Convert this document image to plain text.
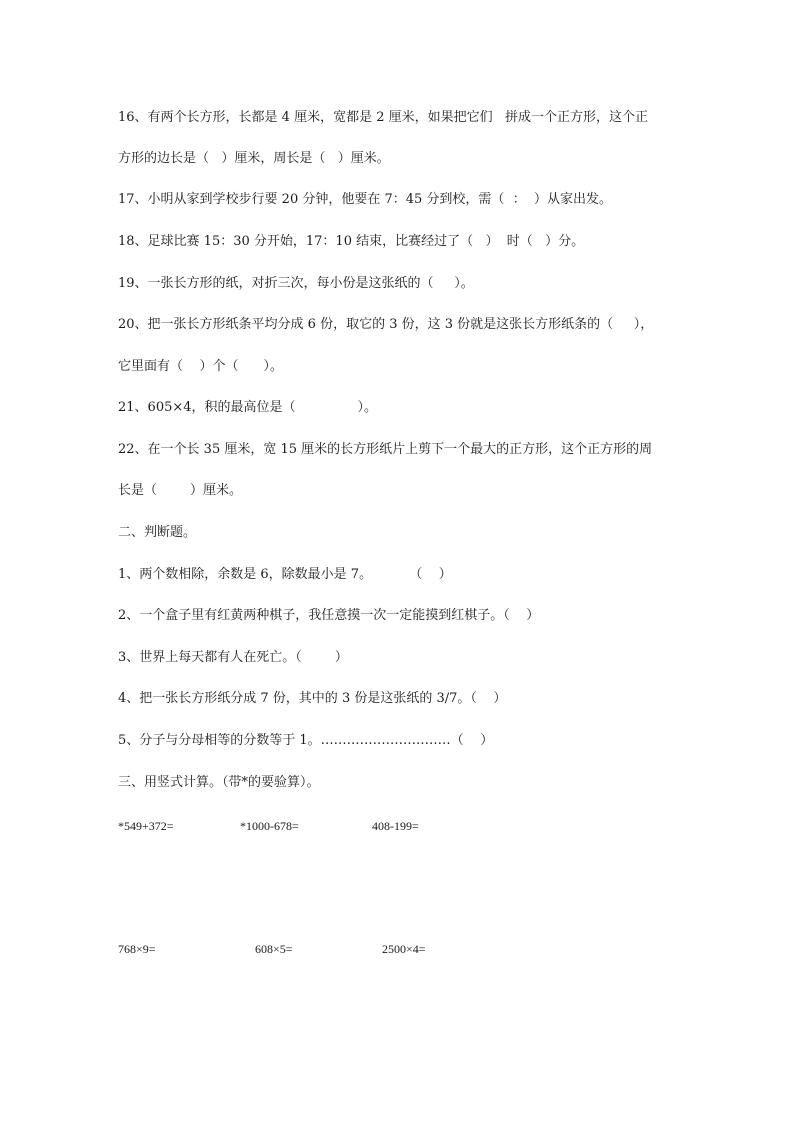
16、有两个长方形，长都是 4 厘米，宽都是 2 厘米，如果把它们   拼成一个正方形，这个正
方形的边长是（   ）厘米，周长是（   ）厘米。
17、小明从家到学校步行要 20 分钟，他要在 7：45 分到校，需（  ：  ）从家出发。
18、足球比赛 15：30 分开始，17：10 结束，比赛经过了（   ）  时（   ）分。
19、一张长方形的纸，对折三次，每小份是这张纸的（     ）。
20、把一张长方形纸条平均分成 6 份，取它的 3 份，这 3 份就是这张长方形纸条的（     ），
它里面有（    ）个（      ）。
21、605×4，积的最高位是（               ）。
22、在一个长 35 厘米，宽 15 厘米的长方形纸片上剪下一个最大的正方形，这个正方形的周
长是（        ）厘米。
二、判断题。
1、两个数相除，余数是 6，除数最小是 7。         （    ）
2、一个盒子里有红黄两种棋子，我任意摸一次一定能摸到红棋子。（    ）
3、世界上每天都有人在死亡。（        ）
4、把一张长方形纸分成 7 份，其中的 3 份是这张纸的 3/7。（    ）
5、分子与分母相等的分数等于 1。…………………………（    ）
三、用竖式计算。（带*的要验算）。
*549+372=	*1000-678=	408-199=
768×9=	608×5=	2500×4=
